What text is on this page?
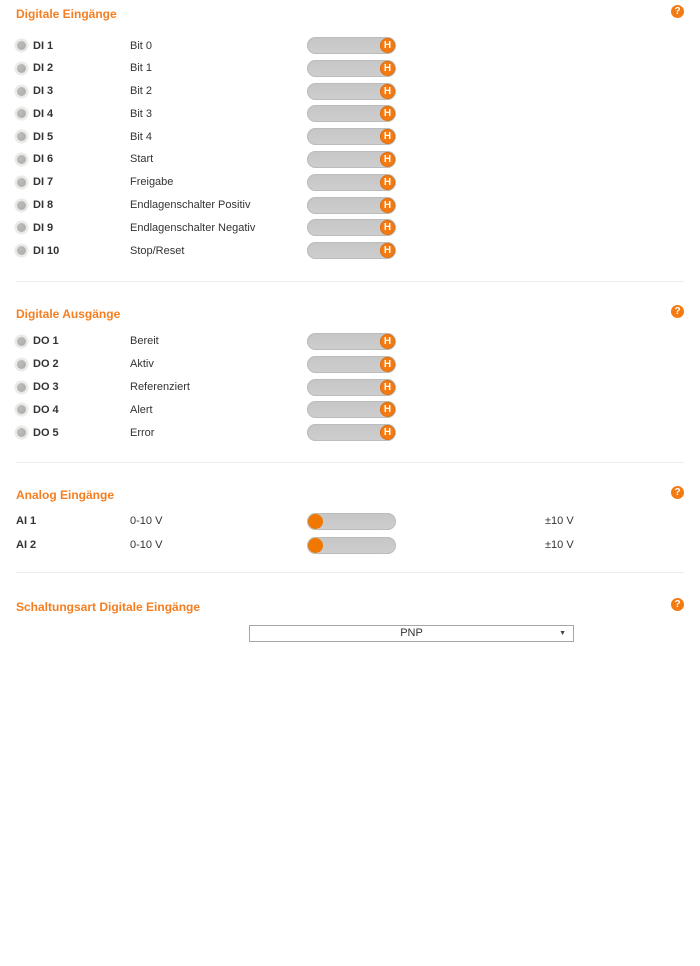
Digitale Eingänge	?
DI 1	Bit 0	H
DI 2	Bit 1	H
DI 3	Bit 2	H
DI 4	Bit 3	H
DI 5	Bit 4	H
DI 6	Start	H
DI 7	Freigabe	H
DI 8	Endlagenschalter Positiv	H
DI 9	Endlagenschalter Negativ	H
DI 10	Stop/Reset	H
Digitale Ausgänge	?
DO 1	Bereit	H
DO 2	Aktiv	H
DO 3	Referenziert	H
DO 4	Alert	H
DO 5	Error	H
Analog Eingänge	?
AI 1	0-10 V	±10 V
AI 2	0-10 V	±10 V
Schaltungsart Digitale Eingänge	?
PNP	▼
